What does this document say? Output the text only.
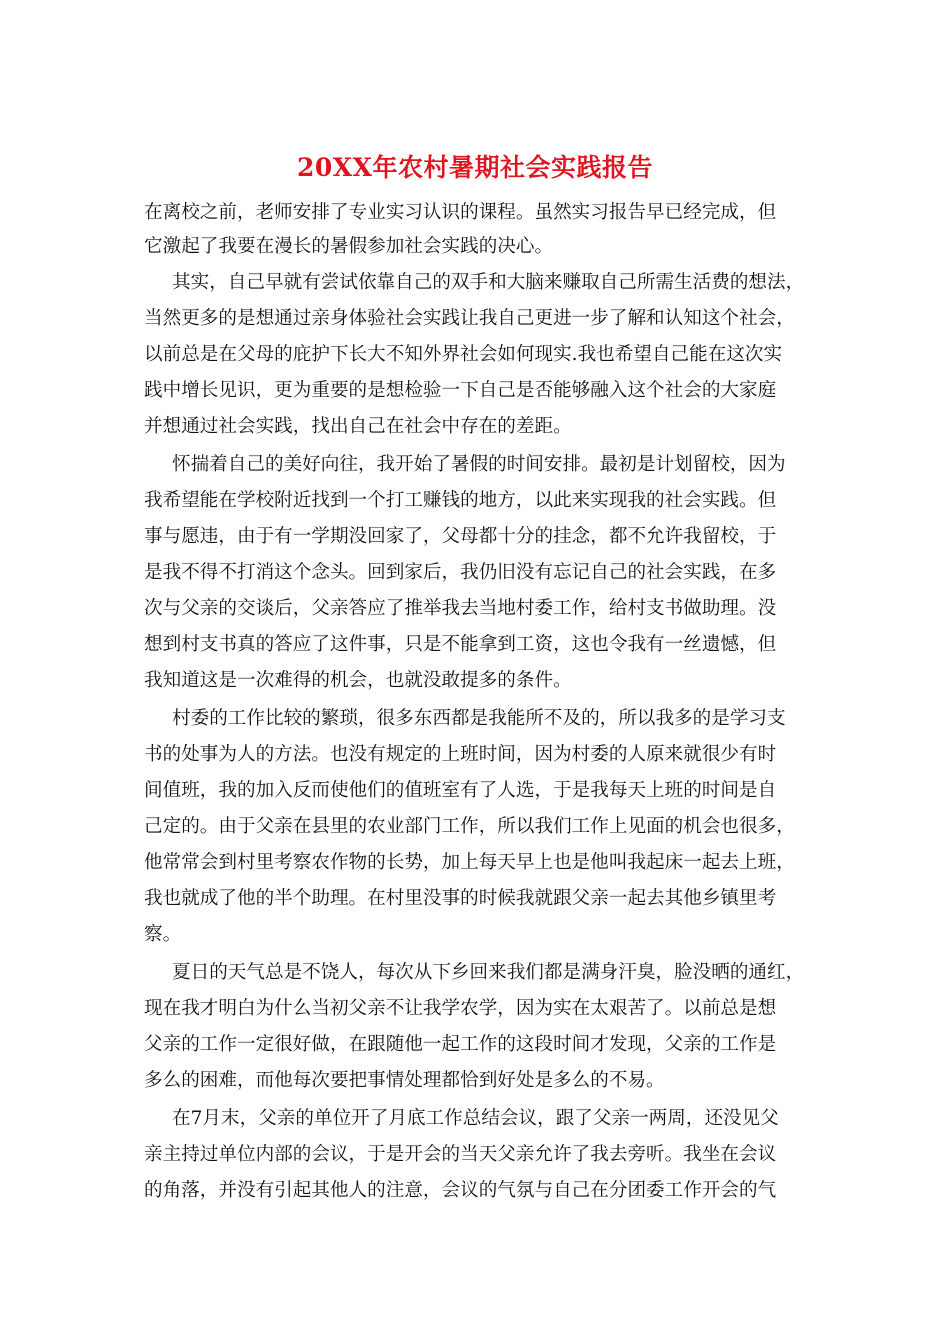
20XX年农村暑期社会实践报告

在离校之前，老师安排了专业实习认识的课程。虽然实习报告早已经完成，但

它激起了我要在漫长的暑假参加社会实践的决心。

其实，自己早就有尝试依靠自己的双手和大脑来赚取自己所需生活费的想法，

当然更多的是想通过亲身体验社会实践让我自己更进一步了解和认知这个社会，

以前总是在父母的庇护下长大不知外界社会如何现实.我也希望自己能在这次实

践中增长见识，更为重要的是想检验一下自己是否能够融入这个社会的大家庭

并想通过社会实践，找出自己在社会中存在的差距。

怀揣着自己的美好向往，我开始了暑假的时间安排。最初是计划留校，因为

我希望能在学校附近找到一个打工赚钱的地方，以此来实现我的社会实践。但

事与愿违，由于有一学期没回家了，父母都十分的挂念，都不允许我留校，于

是我不得不打消这个念头。回到家后，我仍旧没有忘记自己的社会实践，在多

次与父亲的交谈后，父亲答应了推举我去当地村委工作，给村支书做助理。没

想到村支书真的答应了这件事，只是不能拿到工资，这也令我有一丝遗憾，但

我知道这是一次难得的机会，也就没敢提多的条件。

村委的工作比较的繁琐，很多东西都是我能所不及的，所以我多的是学习支

书的处事为人的方法。也没有规定的上班时间，因为村委的人原来就很少有时

间值班，我的加入反而使他们的值班室有了人选，于是我每天上班的时间是自

己定的。由于父亲在县里的农业部门工作，所以我们工作上见面的机会也很多，

他常常会到村里考察农作物的长势，加上每天早上也是他叫我起床一起去上班，

我也就成了他的半个助理。在村里没事的时候我就跟父亲一起去其他乡镇里考

察。

夏日的天气总是不饶人，每次从下乡回来我们都是满身汗臭，脸没晒的通红，

现在我才明白为什么当初父亲不让我学农学，因为实在太艰苦了。以前总是想

父亲的工作一定很好做，在跟随他一起工作的这段时间才发现，父亲的工作是

多么的困难，而他每次要把事情处理都恰到好处是多么的不易。

在7月末，父亲的单位开了月底工作总结会议，跟了父亲一两周，还没见父

亲主持过单位内部的会议，于是开会的当天父亲允许了我去旁听。我坐在会议

的角落，并没有引起其他人的注意，会议的气氛与自己在分团委工作开会的气
